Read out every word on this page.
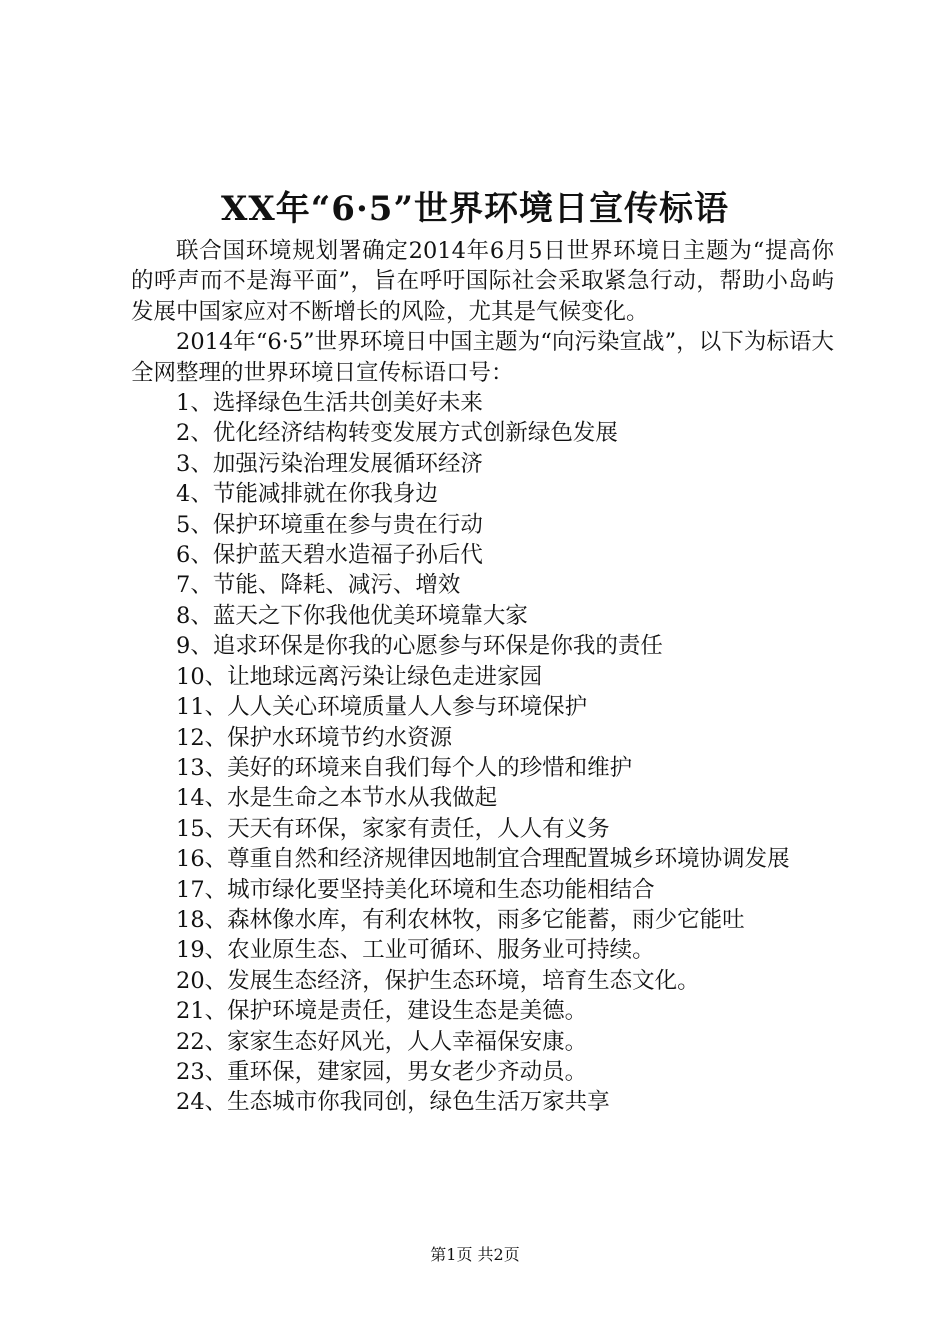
XX年“6·5”世界环境日宣传标语

联合国环境规划署确定2014年6月5日世界环境日主题为“提高你的呼声而不是海平面”，旨在呼吁国际社会采取紧急行动，帮助小岛屿发展中国家应对不断增长的风险，尤其是气候变化。

2014年“6·5”世界环境日中国主题为“向污染宣战”，以下为标语大全网整理的世界环境日宣传标语口号：

1、选择绿色生活共创美好未来
2、优化经济结构转变发展方式创新绿色发展
3、加强污染治理发展循环经济
4、节能减排就在你我身边
5、保护环境重在参与贵在行动
6、保护蓝天碧水造福子孙后代
7、节能、降耗、减污、增效
8、蓝天之下你我他优美环境靠大家
9、追求环保是你我的心愿参与环保是你我的责任
10、让地球远离污染让绿色走进家园
11、人人关心环境质量人人参与环境保护
12、保护水环境节约水资源
13、美好的环境来自我们每个人的珍惜和维护
14、水是生命之本节水从我做起
15、天天有环保，家家有责任，人人有义务
16、尊重自然和经济规律因地制宜合理配置城乡环境协调发展
17、城市绿化要坚持美化环境和生态功能相结合
18、森林像水库，有利农林牧，雨多它能蓄，雨少它能吐
19、农业原生态、工业可循环、服务业可持续。
20、发展生态经济，保护生态环境，培育生态文化。
21、保护环境是责任，建设生态是美德。
22、家家生态好风光，人人幸福保安康。
23、重环保，建家园，男女老少齐动员。
24、生态城市你我同创，绿色生活万家共享
第1页 共2页
